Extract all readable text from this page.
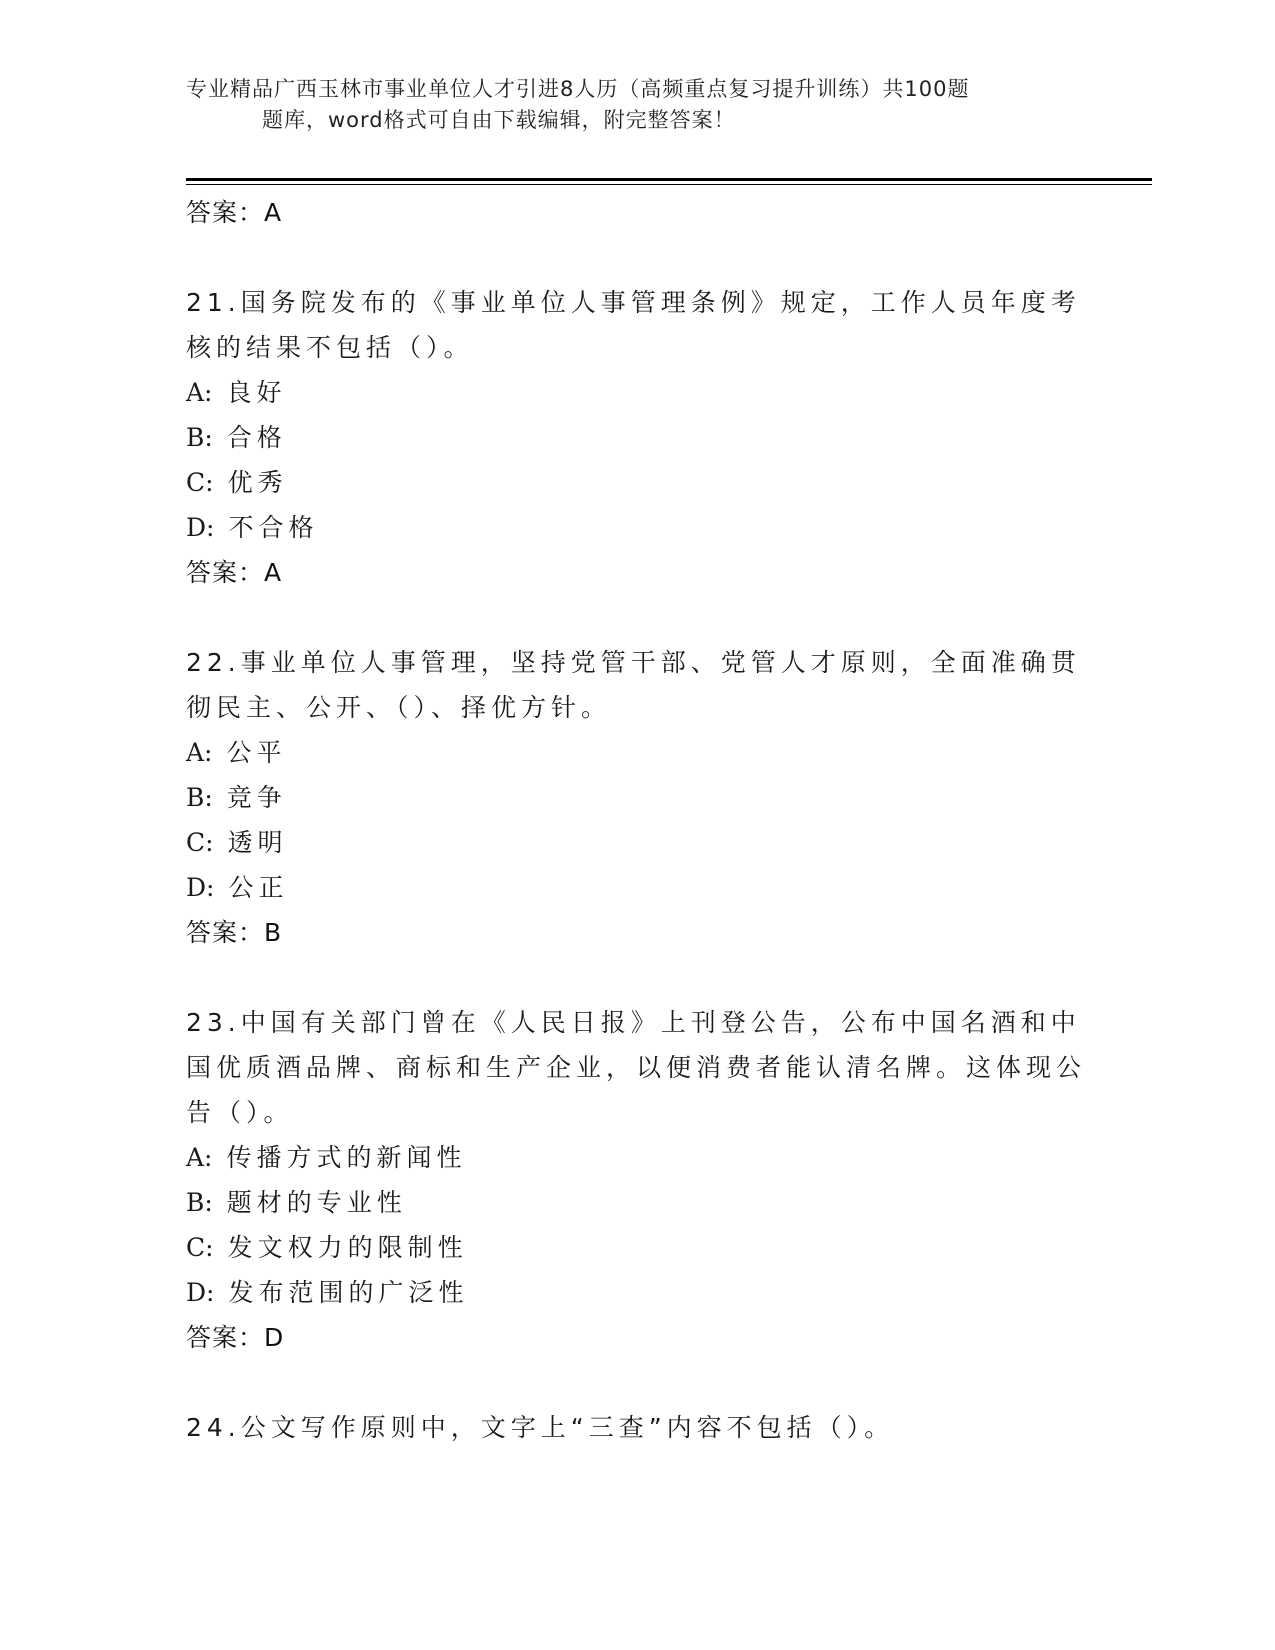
专业精品广西玉林市事业单位人才引进8人历（高频重点复习提升训练）共100题
题库，word格式可自由下载编辑，附完整答案！
答案：A
21.国务院发布的《事业单位人事管理条例》规定，工作人员年度考核的结果不包括（）。
A: 良好
B: 合格
C: 优秀
D: 不合格
答案：A
22.事业单位人事管理，坚持党管干部、党管人才原则，全面准确贯彻民主、公开、（）、择优方针。
A: 公平
B: 竞争
C: 透明
D: 公正
答案：B
23.中国有关部门曾在《人民日报》上刊登公告，公布中国名酒和中国优质酒品牌、商标和生产企业，以便消费者能认清名牌。这体现公告（）。
A: 传播方式的新闻性
B: 题材的专业性
C: 发文权力的限制性
D: 发布范围的广泛性
答案：D
24.公文写作原则中，文字上“三查”内容不包括（）。
